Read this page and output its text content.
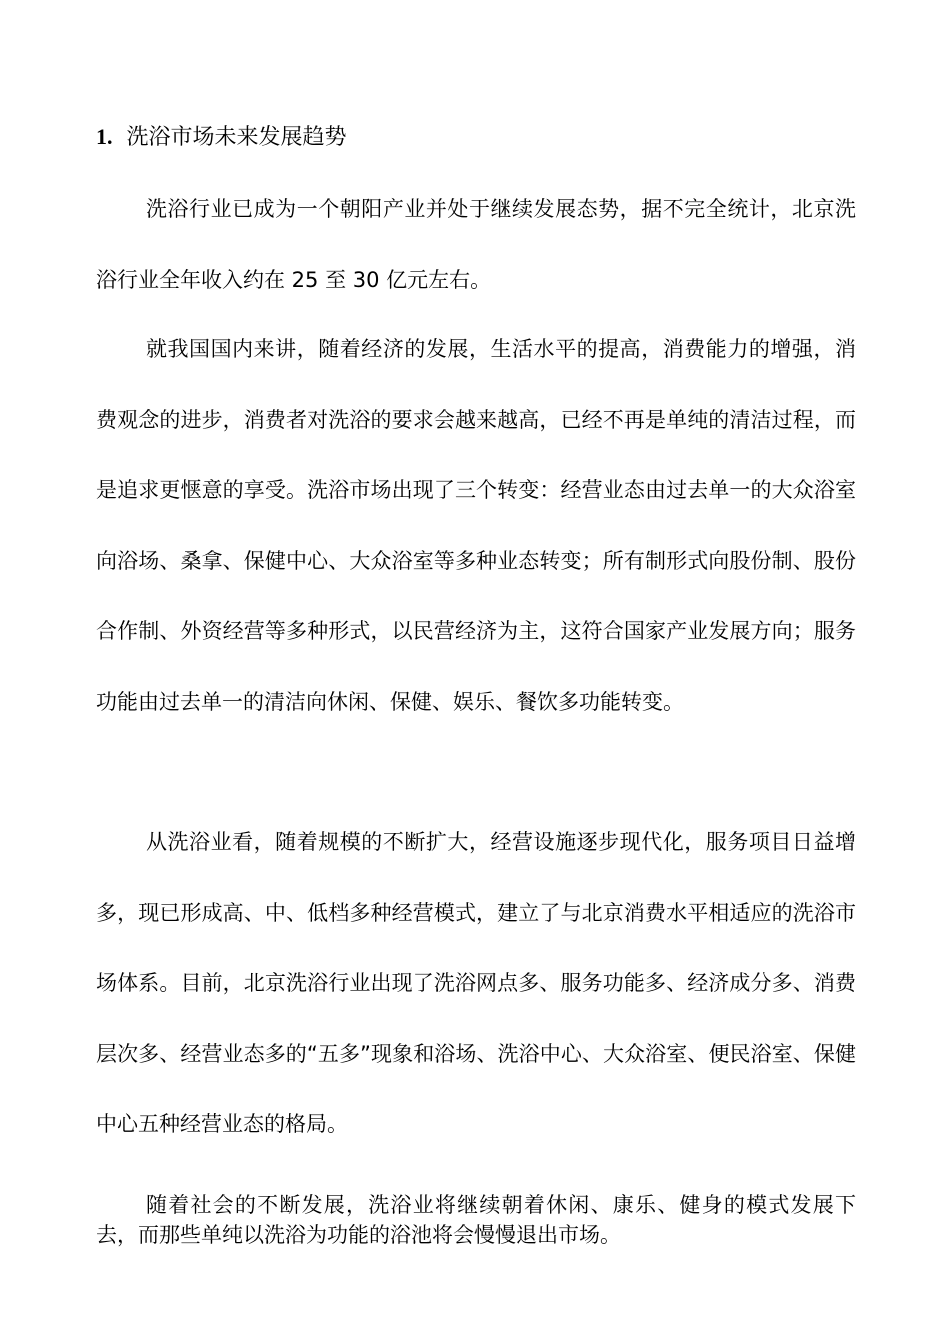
1. 洗浴市场未来发展趋势

洗浴行业已成为一个朝阳产业并处于继续发展态势，据不完全统计，北京洗浴行业全年收入约在 25 至 30 亿元左右。

就我国国内来讲，随着经济的发展，生活水平的提高，消费能力的增强，消费观念的进步，消费者对洗浴的要求会越来越高，已经不再是单纯的清洁过程，而是追求更惬意的享受。洗浴市场出现了三个转变：经营业态由过去单一的大众浴室向浴场、桑拿、保健中心、大众浴室等多种业态转变；所有制形式向股份制、股份合作制、外资经营等多种形式，以民营经济为主，这符合国家产业发展方向；服务功能由过去单一的清洁向休闲、保健、娱乐、餐饮多功能转变。

从洗浴业看，随着规模的不断扩大，经营设施逐步现代化，服务项目日益增多，现已形成高、中、低档多种经营模式，建立了与北京消费水平相适应的洗浴市场体系。目前，北京洗浴行业出现了洗浴网点多、服务功能多、经济成分多、消费层次多、经营业态多的“五多”现象和浴场、洗浴中心、大众浴室、便民浴室、保健中心五种经营业态的格局。

随着社会的不断发展，洗浴业将继续朝着休闲、康乐、健身的模式发展下去，而那些单纯以洗浴为功能的浴池将会慢慢退出市场。
